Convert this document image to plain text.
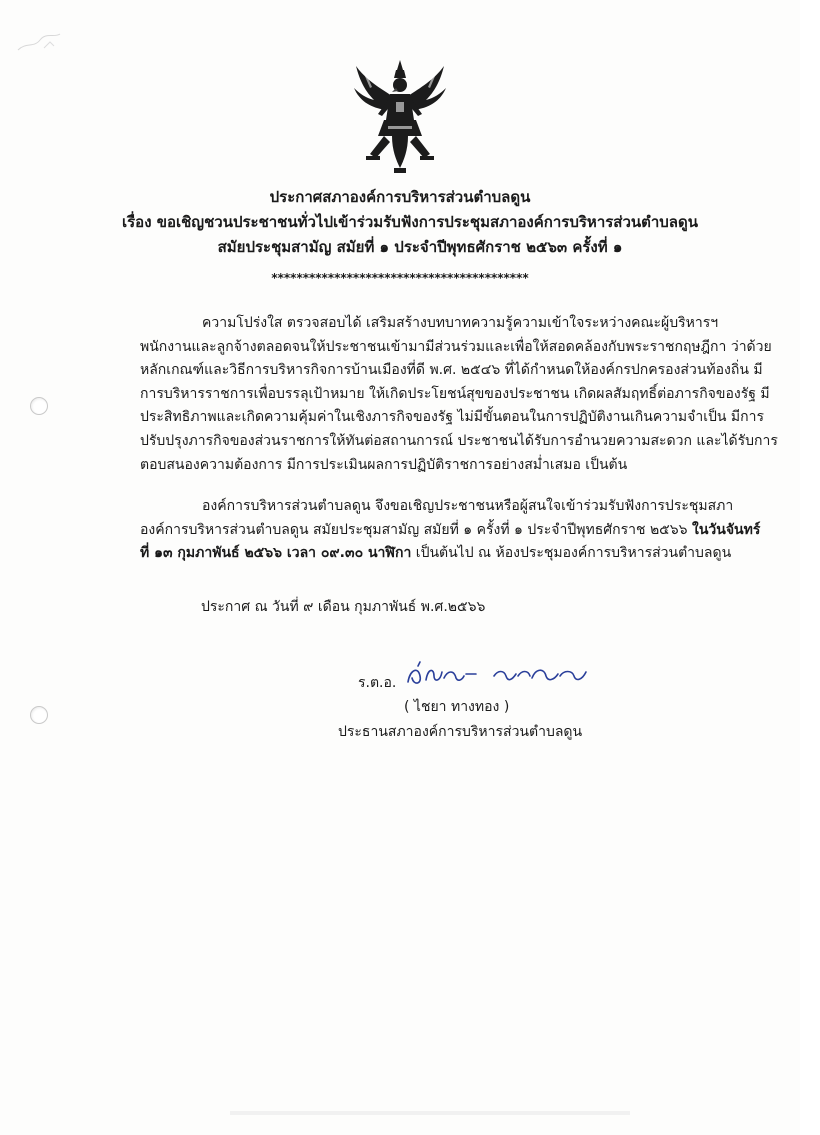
ประกาศสภาองค์การบริหารส่วนตำบลดูน
เรื่อง ขอเชิญชวนประชาชนทั่วไปเข้าร่วมรับฟังการประชุมสภาองค์การบริหารส่วนตำบลดูน
สมัยประชุมสามัญ สมัยที่ ๑ ประจำปีพุทธศักราช ๒๕๖๓ ครั้งที่ ๑
*****************************************
ความโปร่งใส ตรวจสอบได้ เสริมสร้างบทบาทความรู้ความเข้าใจระหว่างคณะผู้บริหารฯ
พนักงานและลูกจ้างตลอดจนให้ประชาชนเข้ามามีส่วนร่วมและเพื่อให้สอดคล้องกับพระราชกฤษฎีกา ว่าด้วย
หลักเกณฑ์และวิธีการบริหารกิจการบ้านเมืองที่ดี พ.ศ. ๒๕๔๖ ที่ได้กำหนดให้องค์กรปกครองส่วนท้องถิ่น มี
การบริหารราชการเพื่อบรรลุเป้าหมาย ให้เกิดประโยชน์สุขของประชาชน เกิดผลสัมฤทธิ์ต่อภารกิจของรัฐ มี
ประสิทธิภาพและเกิดความคุ้มค่าในเชิงภารกิจของรัฐ ไม่มีขั้นตอนในการปฏิบัติงานเกินความจำเป็น มีการ
ปรับปรุงภารกิจของส่วนราชการให้ทันต่อสถานการณ์ ประชาชนได้รับการอำนวยความสะดวก และได้รับการ
ตอบสนองความต้องการ มีการประเมินผลการปฏิบัติราชการอย่างสม่ำเสมอ เป็นต้น
องค์การบริหารส่วนตำบลดูน จึงขอเชิญประชาชนหรือผู้สนใจเข้าร่วมรับฟังการประชุมสภา
องค์การบริหารส่วนตำบลดูน สมัยประชุมสามัญ สมัยที่ ๑ ครั้งที่ ๑ ประจำปีพุทธศักราช ๒๕๖๖ ในวันจันทร์
ที่ ๑๓ กุมภาพันธ์ ๒๕๖๖ เวลา ๐๙.๓๐ นาฬิกา เป็นต้นไป ณ ห้องประชุมองค์การบริหารส่วนตำบลดูน
ประกาศ ณ วันที่ ๙ เดือน กุมภาพันธ์ พ.ศ.๒๕๖๖
ร.ต.อ.
( ไชยา ทางทอง )
ประธานสภาองค์การบริหารส่วนตำบลดูน
